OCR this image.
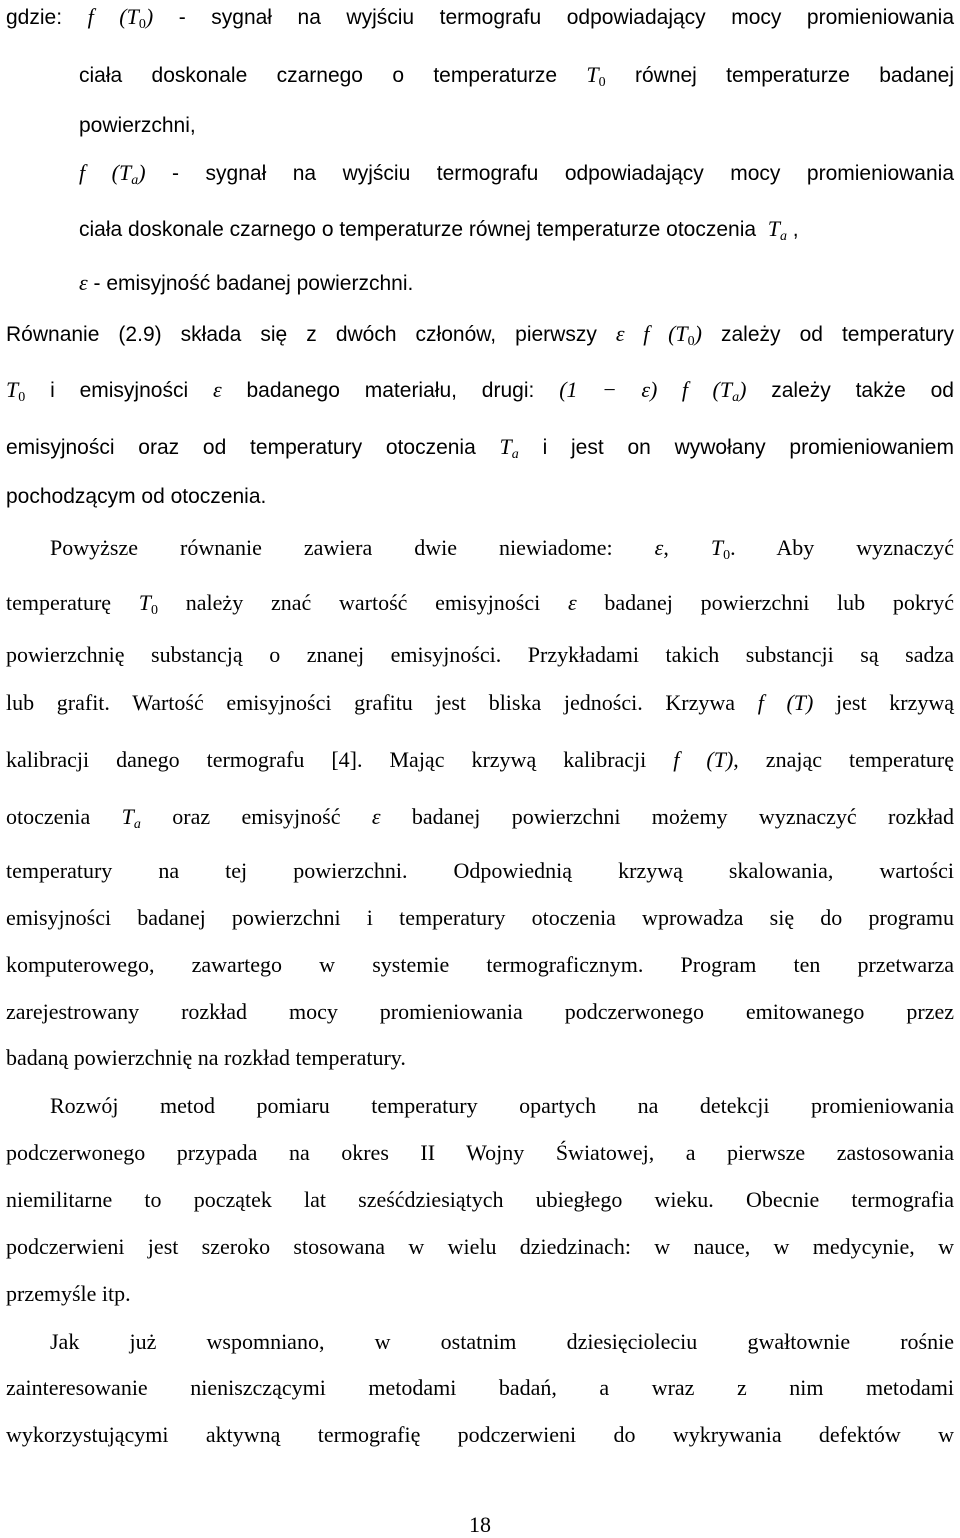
gdzie: f $(T_0)$ - sygnał na wyjściu termografu odpowiadający mocy promieniowania
ciała doskonale czarnego o temperaturze $T_0$ równej temperaturze badanej
powierzchni,
f $(T_a)$ - sygnał na wyjściu termografu odpowiadający mocy promieniowania
ciała doskonale czarnego o temperaturze równej temperaturze otoczenia  $T_a$ ,
ε - emisyjność badanej powierzchni.
Równanie (2.9) składa się z dwóch członów, pierwszy ε f $(T_0)$ zależy od temperatury
$T_0$ i emisyjności ε badanego materiału, drugi: (1 − ε) f $(T_a)$ zależy także od
emisyjności oraz od temperatury otoczenia $T_a$ i jest on wywołany promieniowaniem
pochodzącym od otoczenia.
Powyższe równanie zawiera dwie niewiadome: ε, $T_0$. Aby wyznaczyć
temperaturę $T_0$ należy znać wartość emisyjności ε badanej powierzchni lub pokryć
powierzchnię substancją o znanej emisyjności. Przykładami takich substancji są sadza
lub grafit. Wartość emisyjności grafitu jest bliska jedności. Krzywa f (T) jest krzywą
kalibracji danego termografu [4]. Mając krzywą kalibracji f (T), znając temperaturę
otoczenia $T_a$ oraz emisyjność ε badanej powierzchni możemy wyznaczyć rozkład
temperatury na tej powierzchni. Odpowiednią krzywą skalowania, wartości
emisyjności badanej powierzchni i temperatury otoczenia wprowadza się do programu
komputerowego, zawartego w systemie termograficznym. Program ten przetwarza
zarejestrowany rozkład mocy promieniowania podczerwonego emitowanego przez
badaną powierzchnię na rozkład temperatury.
Rozwój metod pomiaru temperatury opartych na detekcji promieniowania
podczerwonego przypada na okres II Wojny Światowej, a pierwsze zastosowania
niemilitarne to początek lat sześćdziesiątych ubiegłego wieku. Obecnie termografia
podczerwieni jest szeroko stosowana w wielu dziedzinach: w nauce, w medycynie, w
przemyśle itp.
Jak już wspomniano, w ostatnim dziesięcioleciu gwałtownie rośnie
zainteresowanie nieniszczącymi metodami badań, a wraz z nim metodami
wykorzystującymi aktywną termografię podczerwieni do wykrywania defektów w
18
